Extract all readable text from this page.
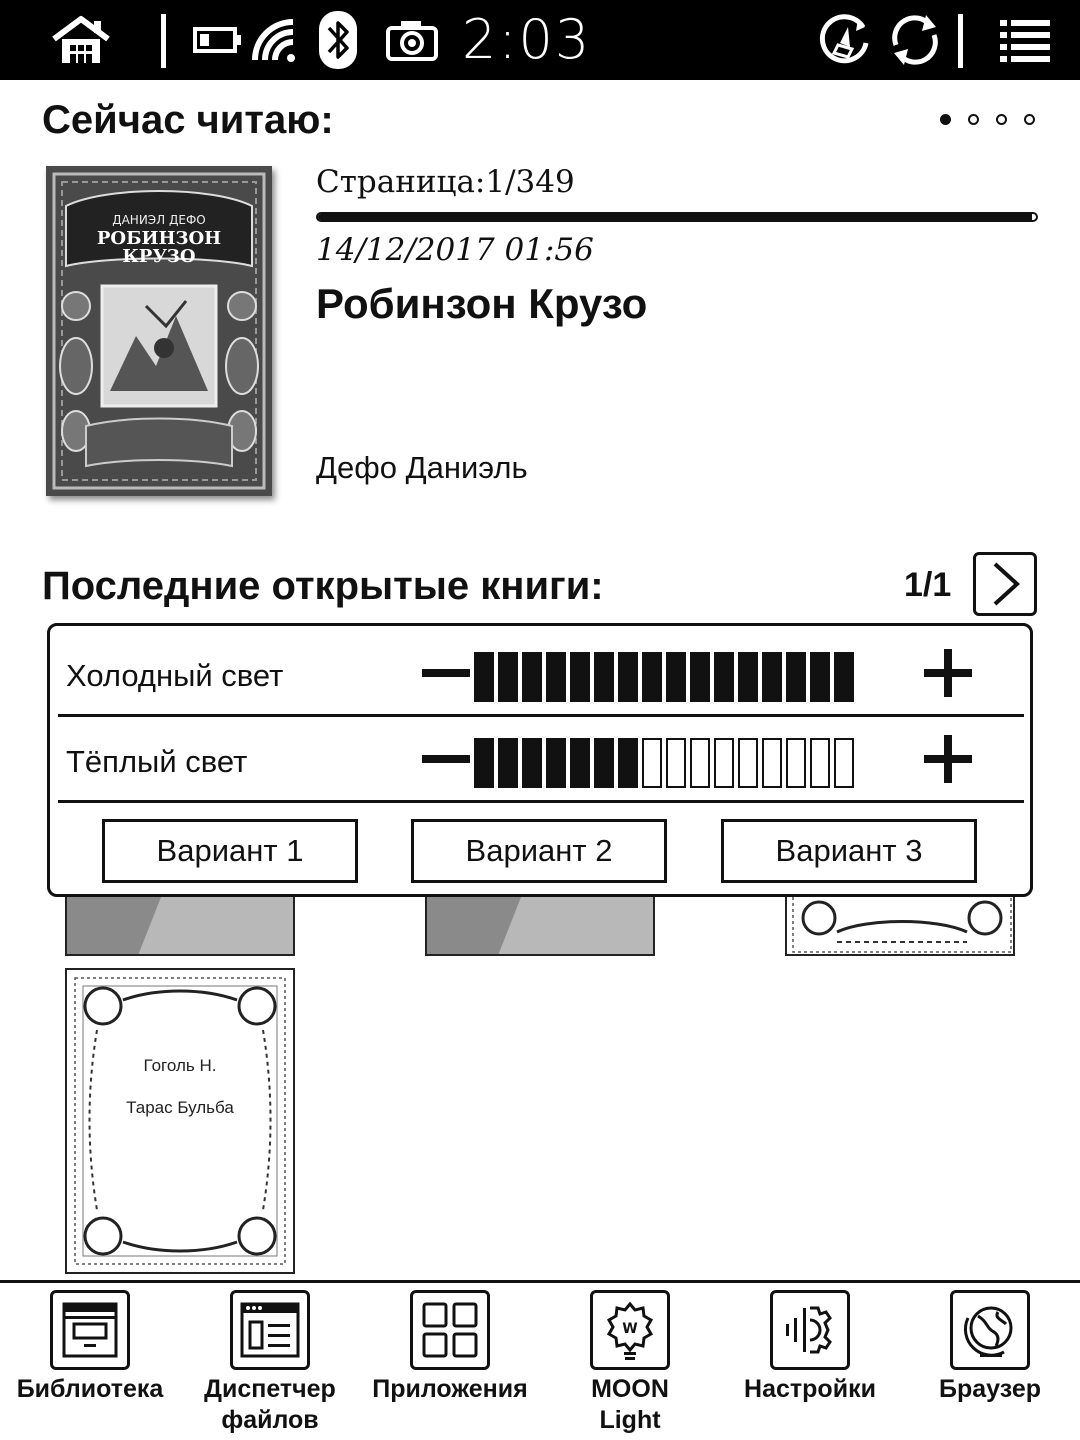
2:03
Сейчас читаю:
ДАНИЭЛ ДЕФО
РОБИНЗОН
КРУЗО
Страница:1/349
14/12/2017 01:56
Робинзон Крузо
Дефо Даниэль
Последние открытые книги:	1/1
Гоголь Н.
Тарас Бульба
Холодный свет
Тёплый свет
Вариант 1	Вариант 2	Вариант 3
Библиотека	Диспетчер
файлов
Приложения
W
MOON
Light
Настройки	Браузер
